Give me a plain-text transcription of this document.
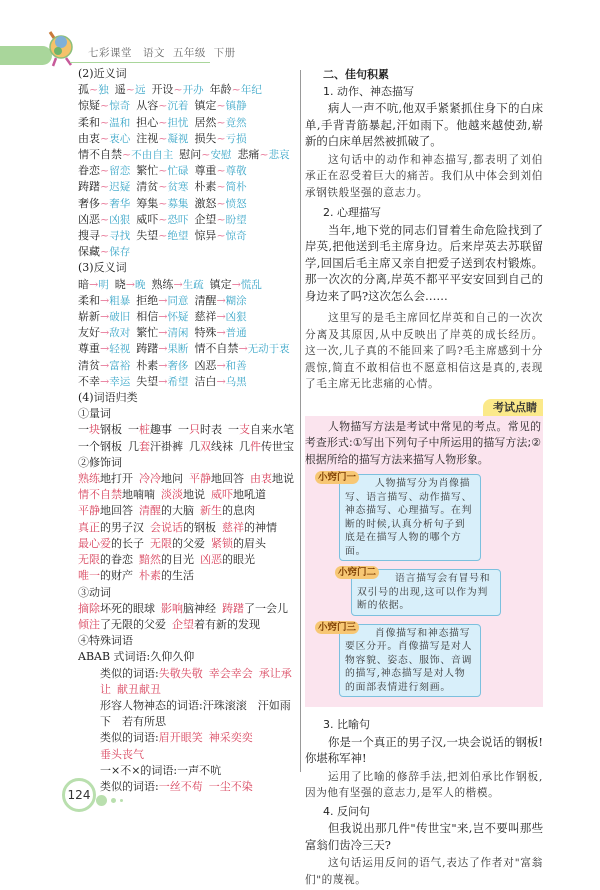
七彩课堂　语文 五年级 下册
(2)近义词
孤~独 遥~远 开设~开办 年龄~年纪
惊疑~惊奇 从容~沉着 镇定~镇静
柔和~温和 担心~担忧 居然~竟然
由衷~衷心 注视~凝视 损失~亏损
情不自禁~不由自主 慰问~安慰 悲痛~悲哀
眷恋~留恋 繁忙~忙碌 尊重~尊敬
踌躇~迟疑 清贫~贫寒 朴素~简朴
奢侈~奢华 筹集~募集 激怒~愤怒
凶恶~凶狠 威吓~恐吓 企望~盼望
搜寻~寻找 失望~绝望 惊异~惊奇
保藏~保存
(3)反义词
暗→明 晓→晚 熟练→生疏 镇定→慌乱
柔和→粗暴 拒绝→同意 清醒→糊涂
崭新→破旧 相信→怀疑 慈祥→凶狠
友好→敌对 繁忙→清闲 特殊→普通
尊重→轻视 踌躇→果断 情不自禁→无动于衷
清贫→富裕 朴素→奢侈 凶恶→和善
不幸→幸运 失望→希望 洁白→乌黑
(4)词语归类
①量词
一块钢板 一桩趣事 一只时表 一支自来水笔
一个钢板 几套汗褂裤 几双线袜 几件传世宝
②修饰词
熟练地打开 冷冷地问 平静地回答 由衷地说
情不自禁地喃喃 淡淡地说 威吓地吼道
平静地回答 清醒的大脑 新生的息肉
真正的男子汉 会说话的钢板 慈祥的神情
最心爱的长子 无限的父爱 紧锁的眉头
无限的眷恋 黯然的目光 凶恶的眼光
唯一的财产 朴素的生活
③动词
摘除坏死的眼球 影响脑神经 踌躇了一会儿
倾注了无限的父爱 企望着有新的发现
④特殊词语
ABAB 式词语:久仰久仰
类似的词语:失敬失敬 幸会幸会 承让承让 献丑献丑
形容人物神态的词语:汗珠滚滚　汗如雨下　若有所思
类似的词语:眉开眼笑 神采奕奕垂头丧气
一×不×的词语:一声不吭
类似的词语:一丝不苟 一尘不染
二、佳句积累
1. 动作、神态描写

病人一声不吭,他双手紧紧抓住身下的白床单,手背青筋暴起,汗如雨下。他越来越使劲,崭新的白床单居然被抓破了。

这句话中的动作和神态描写,都表明了刘伯承正在忍受着巨大的痛苦。我们从中体会到刘伯承钢铁般坚强的意志力。

2. 心理描写

当年,地下党的同志们冒着生命危险找到了岸英,把他送到毛主席身边。后来岸英去苏联留学,回国后毛主席又亲自把爱子送到农村锻炼。那一次次的分离,岸英不都平平安安回到自己的身边来了吗?这次怎么会……

这里写的是毛主席回忆岸英和自己的一次次分离及其原因,从中反映出了岸英的成长经历。这一次,儿子真的不能回来了吗?毛主席感到十分震惊,简直不敢相信也不愿意相信这是真的,表现了毛主席无比悲痛的心情。

考试点睛

人物描写方法是考试中常见的考点。常见的考查形式:①写出下列句子中所运用的描写方法;②根据所给的描写方法来描写人物形象。

小窍门一
人物描写分为肖像描写、语言描写、动作描写、神态描写、心理描写。在判断的时候,认真分析句子到底是在描写人物的哪个方面。
小窍门二
语言描写会有冒号和双引号的出现,这可以作为判断的依据。
小窍门三
肖像描写和神态描写要区分开。肖像描写是对人物容貌、姿态、服饰、音调的描写,神态描写是对人物的面部表情进行刻画。
3. 比喻句

你是一个真正的男子汉,一块会说话的钢板!你堪称军神!

运用了比喻的修辞手法,把刘伯承比作钢板,因为他有坚强的意志力,是军人的楷模。

4. 反问句

但我说出那几件"传世宝"来,岂不要叫那些富翁们齿冷三天?

这句话运用反问的语气,表达了作者对"富翁们"的蔑视。

124
